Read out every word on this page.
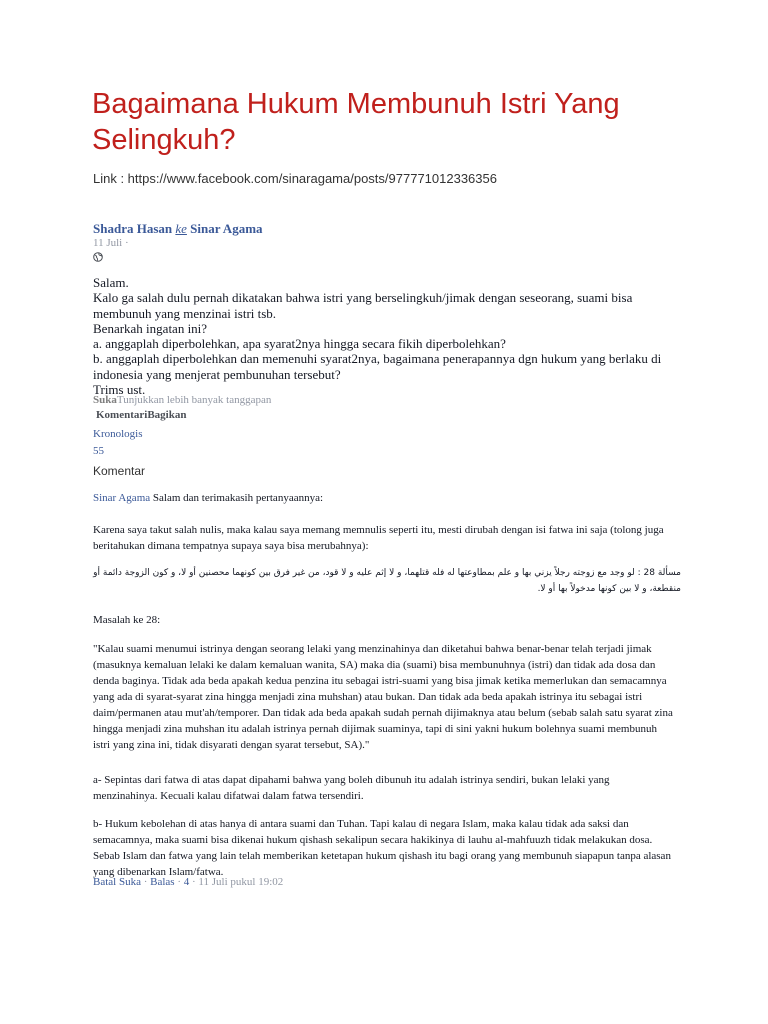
Bagaimana Hukum Membunuh Istri Yang Selingkuh?
Link : https://www.facebook.com/sinaragama/posts/977771012336356
Shadra Hasan ke Sinar Agama
11 Juli ·

Salam.

Kalo ga salah dulu pernah dikatakan bahwa istri yang berselingkuh/jimak dengan seseorang, suami bisa membunuh yang menzinai istri tsb.

Benarkah ingatan ini?

a. anggaplah diperbolehkan, apa syarat2nya hingga secara fikih diperbolehkan?

b. anggaplah diperbolehkan dan memenuhi syarat2nya, bagaimana penerapannya dgn hukum yang berlaku di indonesia yang menjerat pembunuhan tersebut?

Trims ust.

SukaTunjukkan lebih banyak tanggapan
KomentariBagikan
Kronologis
55
Komentar
Sinar Agama Salam dan terimakasih pertanyaannya:

Karena saya takut salah nulis, maka kalau saya memang memnulis seperti itu, mesti dirubah dengan isi fatwa ini saja (tolong juga beritahukan dimana tempatnya supaya saya bisa merubahnya):

مسألة 28 : لو وجد مع زوجته رجلاً يزني بها و علم بمطاوعتها له فله قتلهما، و لا إثم عليه و لا قود، من غير فرق بين كونهما محصنين أو لا، و كون الزوجة دائمة أو منقطعة، و لا بين كونها مدخولاً بها أو لا.

Masalah ke 28:

"Kalau suami menumui istrinya dengan seorang lelaki yang menzinahinya dan diketahui bahwa benar-benar telah terjadi jimak (masuknya kemaluan lelaki ke dalam kemaluan wanita, SA) maka dia (suami) bisa membunuhnya (istri) dan tidak ada dosa dan denda baginya. Tidak ada beda apakah kedua penzina itu sebagai istri-suami yang bisa jimak ketika memerlukan dan semacamnya yang ada di syarat-syarat zina hingga menjadi zina muhshan) atau bukan. Dan tidak ada beda apakah istrinya itu sebagai istri daim/permanen atau mut'ah/temporer. Dan tidak ada beda apakah sudah pernah dijimaknya atau belum (sebab salah satu syarat zina hingga menjadi zina muhshan itu adalah istrinya pernah dijimak suaminya, tapi di sini yakni hukum bolehnya suami membunuh istri yang zina ini, tidak disyarati dengan syarat tersebut, SA)."

a- Sepintas dari fatwa di atas dapat dipahami bahwa yang boleh dibunuh itu adalah istrinya sendiri, bukan lelaki yang menzinahinya. Kecuali kalau difatwai dalam fatwa tersendiri.

b- Hukum kebolehan di atas hanya di antara suami dan Tuhan. Tapi kalau di negara Islam, maka kalau tidak ada saksi dan semacamnya, maka suami bisa dikenai hukum qishash sekalipun secara hakikinya di lauhu al-mahfuuzh tidak melakukan dosa. Sebab Islam dan fatwa yang lain telah memberikan ketetapan hukum qishash itu bagi orang yang membunuh siapapun tanpa alasan yang dibenarkan Islam/fatwa.

Batal Suka · Balas · 4 · 11 Juli pukul 19:02
